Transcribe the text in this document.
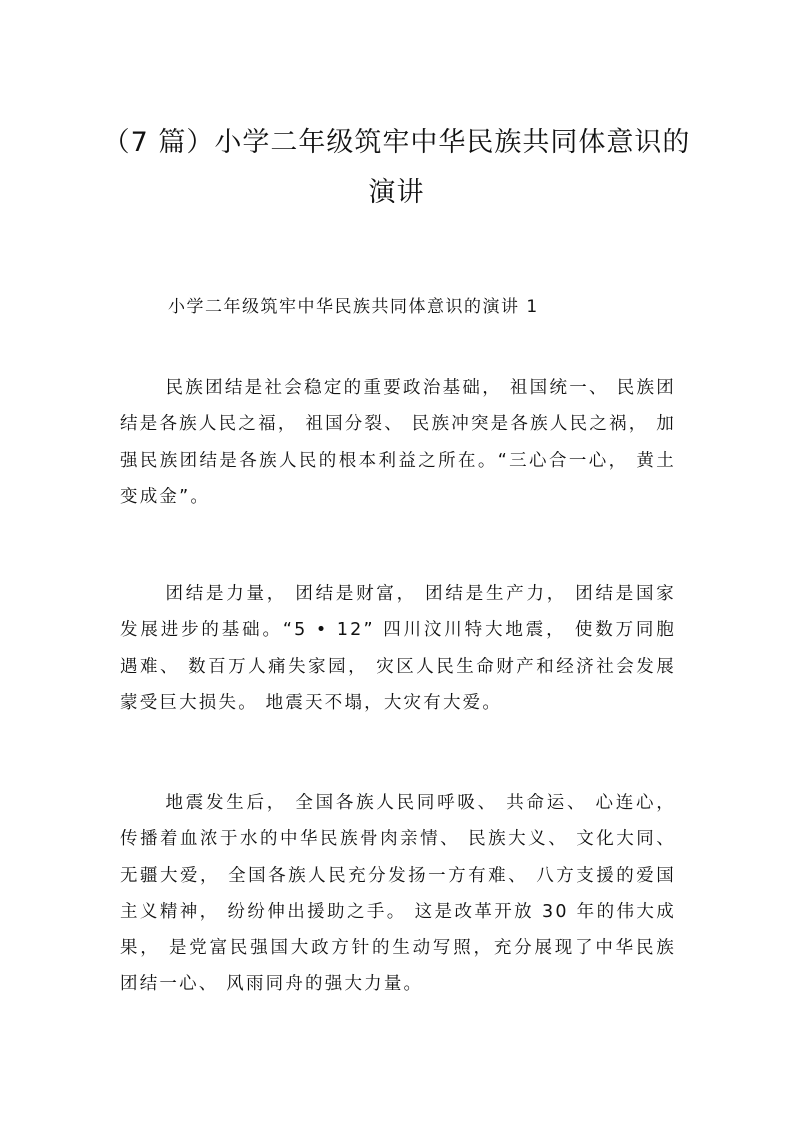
（7 篇）小学二年级筑牢中华民族共同体意识的演讲
小学二年级筑牢中华民族共同体意识的演讲 1
民族团结是社会稳定的重要政治基础， 祖国统一、 民族团结是各族人民之福， 祖国分裂、 民族冲突是各族人民之祸， 加强民族团结是各族人民的根本利益之所在。“三心合一心， 黄土变成金”。
团结是力量， 团结是财富， 团结是生产力， 团结是国家发展进步的基础。“5 • 12” 四川汶川特大地震， 使数万同胞遇难、 数百万人痛失家园， 灾区人民生命财产和经济社会发展蒙受巨大损失。 地震天不塌，大灾有大爱。
地震发生后， 全国各族人民同呼吸、 共命运、 心连心， 传播着血浓于水的中华民族骨肉亲情、 民族大义、 文化大同、 无疆大爱， 全国各族人民充分发扬一方有难、 八方支援的爱国主义精神， 纷纷伸出援助之手。 这是改革开放 30 年的伟大成果， 是党富民强国大政方针的生动写照，充分展现了中华民族团结一心、 风雨同舟的强大力量。
